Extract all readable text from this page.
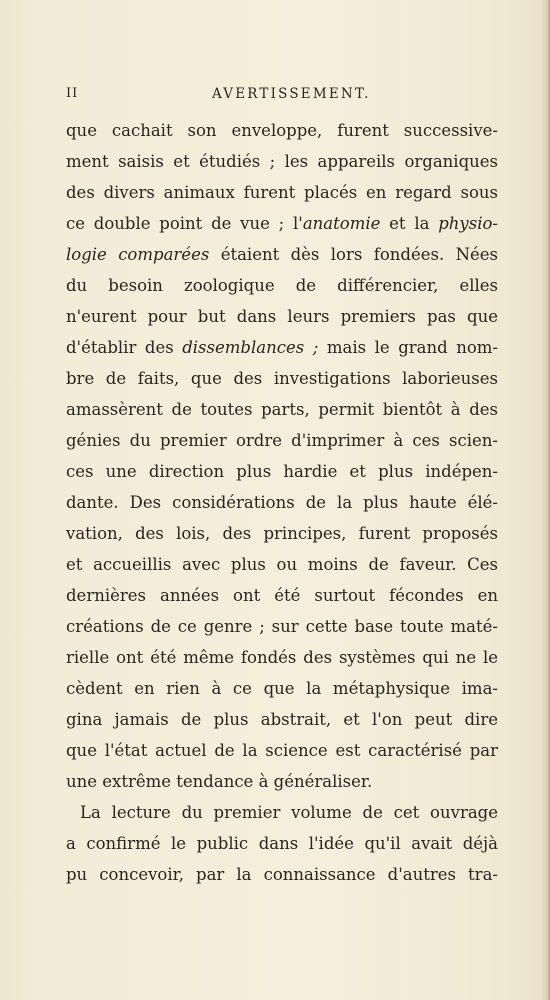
II	AVERTISSEMENT.
que cachait son enveloppe, furent successive-
ment saisis et étudiés ; les appareils organiques
des divers animaux furent placés en regard sous
ce double point de vue ; l'anatomie et la physio-
logie comparées étaient dès lors fondées. Nées
du besoin zoologique de différencier, elles
n'eurent pour but dans leurs premiers pas que
d'établir des dissemblances ; mais le grand nom-
bre de faits, que des investigations laborieuses
amassèrent de toutes parts, permit bientôt à des
génies du premier ordre d'imprimer à ces scien-
ces une direction plus hardie et plus indépen-
dante. Des considérations de la plus haute élé-
vation, des lois, des principes, furent proposés
et accueillis avec plus ou moins de faveur. Ces
dernières années ont été surtout fécondes en
créations de ce genre ; sur cette base toute maté-
rielle ont été même fondés des systèmes qui ne le
cèdent en rien à ce que la métaphysique ima-
gina jamais de plus abstrait, et l'on peut dire
que l'état actuel de la science est caractérisé par
une extrême tendance à généraliser.
La lecture du premier volume de cet ouvrage
a confirmé le public dans l'idée qu'il avait déjà
pu concevoir, par la connaissance d'autres tra-
